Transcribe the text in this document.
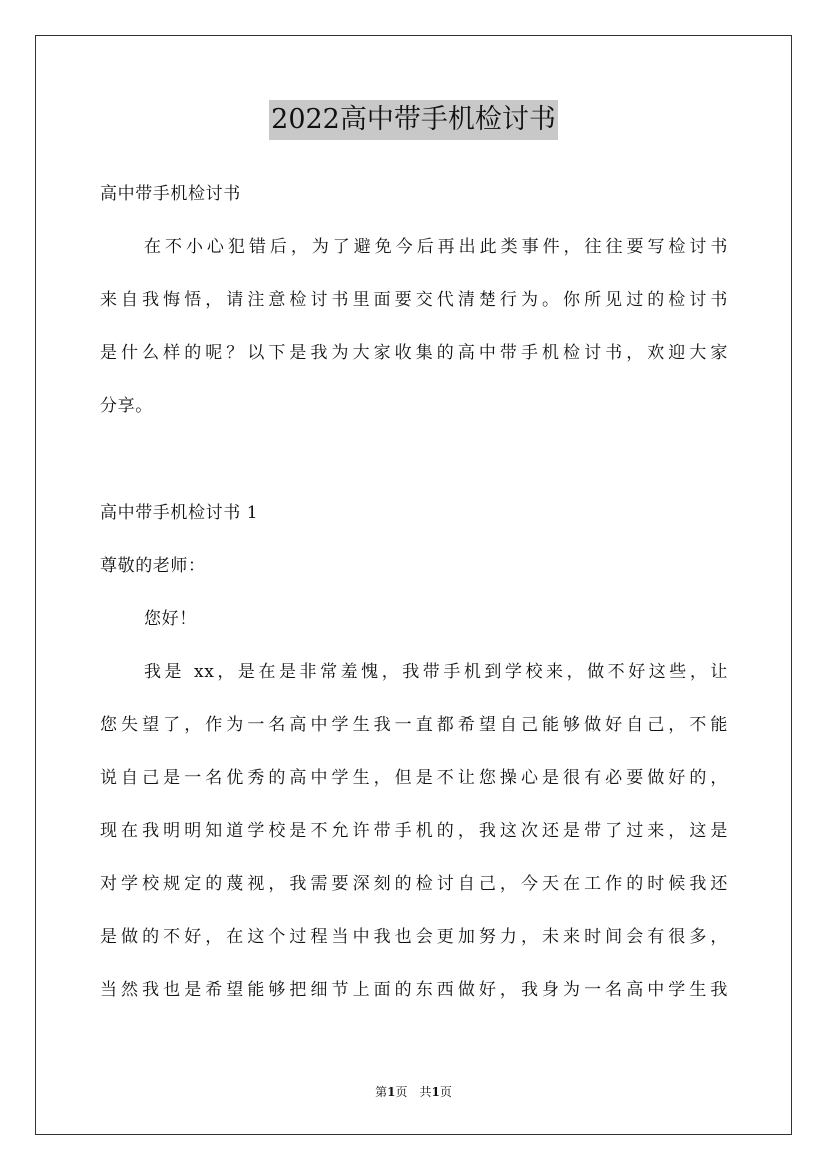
2022高中带手机检讨书
高中带手机检讨书
在不小心犯错后，为了避免今后再出此类事件，往往要写检讨书
来自我悔悟，请注意检讨书里面要交代清楚行为。你所见过的检讨书
是什么样的呢？以下是我为大家收集的高中带手机检讨书，欢迎大家
分享。
高中带手机检讨书 1
尊敬的老师：
您好！
我是 xx，是在是非常羞愧，我带手机到学校来，做不好这些，让
您失望了，作为一名高中学生我一直都希望自己能够做好自己，不能
说自己是一名优秀的高中学生，但是不让您操心是很有必要做好的，
现在我明明知道学校是不允许带手机的，我这次还是带了过来，这是
对学校规定的蔑视，我需要深刻的检讨自己，今天在工作的时候我还
是做的不好，在这个过程当中我也会更加努力，未来时间会有很多，
当然我也是希望能够把细节上面的东西做好，我身为一名高中学生我
第1页　共1页
